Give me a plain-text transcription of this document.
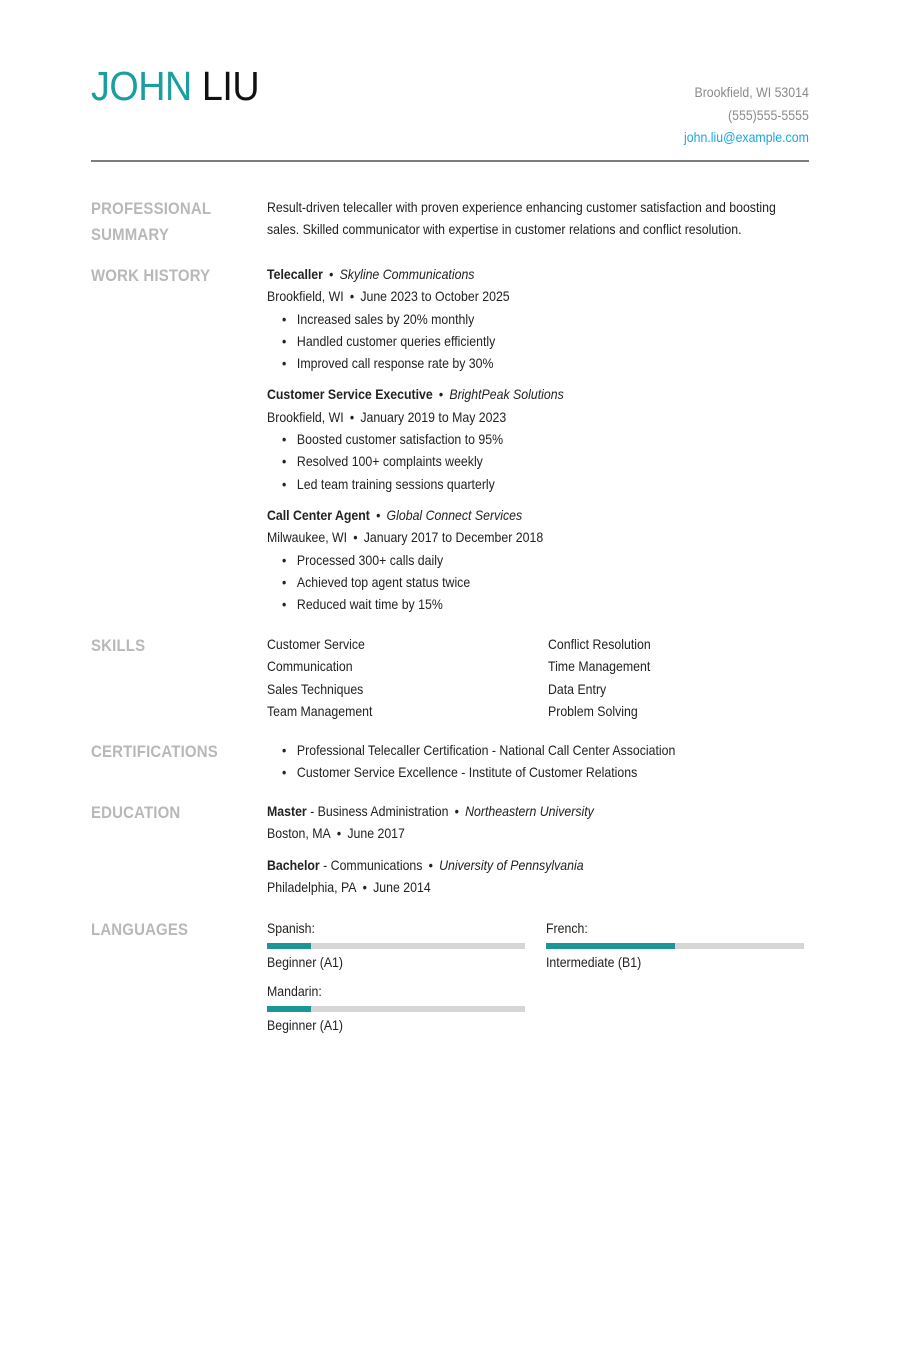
JOHN LIU	Brookfield, WI 53014
(555)555-5555
john.liu@example.com
PROFESSIONAL SUMMARY
Result-driven telecaller with proven experience enhancing customer satisfaction and boosting sales. Skilled communicator with expertise in customer relations and conflict resolution.
WORK HISTORY	Telecaller • Skyline Communications
Brookfield, WI • June 2023 to October 2025
• Increased sales by 20% monthly
• Handled customer queries efficiently
• Improved call response rate by 30%
Customer Service Executive • BrightPeak Solutions
Brookfield, WI • January 2019 to May 2023
• Boosted customer satisfaction to 95%
• Resolved 100+ complaints weekly
• Led team training sessions quarterly
Call Center Agent • Global Connect Services
Milwaukee, WI • January 2017 to December 2018
• Processed 300+ calls daily
• Achieved top agent status twice
• Reduced wait time by 15%
SKILLS	Customer Service	Conflict Resolution
Communication	Time Management
Sales Techniques	Data Entry
Team Management	Problem Solving
CERTIFICATIONS	• Professional Telecaller Certification - National Call Center Association
• Customer Service Excellence - Institute of Customer Relations
EDUCATION	Master - Business Administration • Northeastern University
Boston, MA • June 2017
Bachelor - Communications • University of Pennsylvania
Philadelphia, PA • June 2014
LANGUAGES	Spanish:
Beginner (A1)
French:
Intermediate (B1)
Mandarin:
Beginner (A1)
